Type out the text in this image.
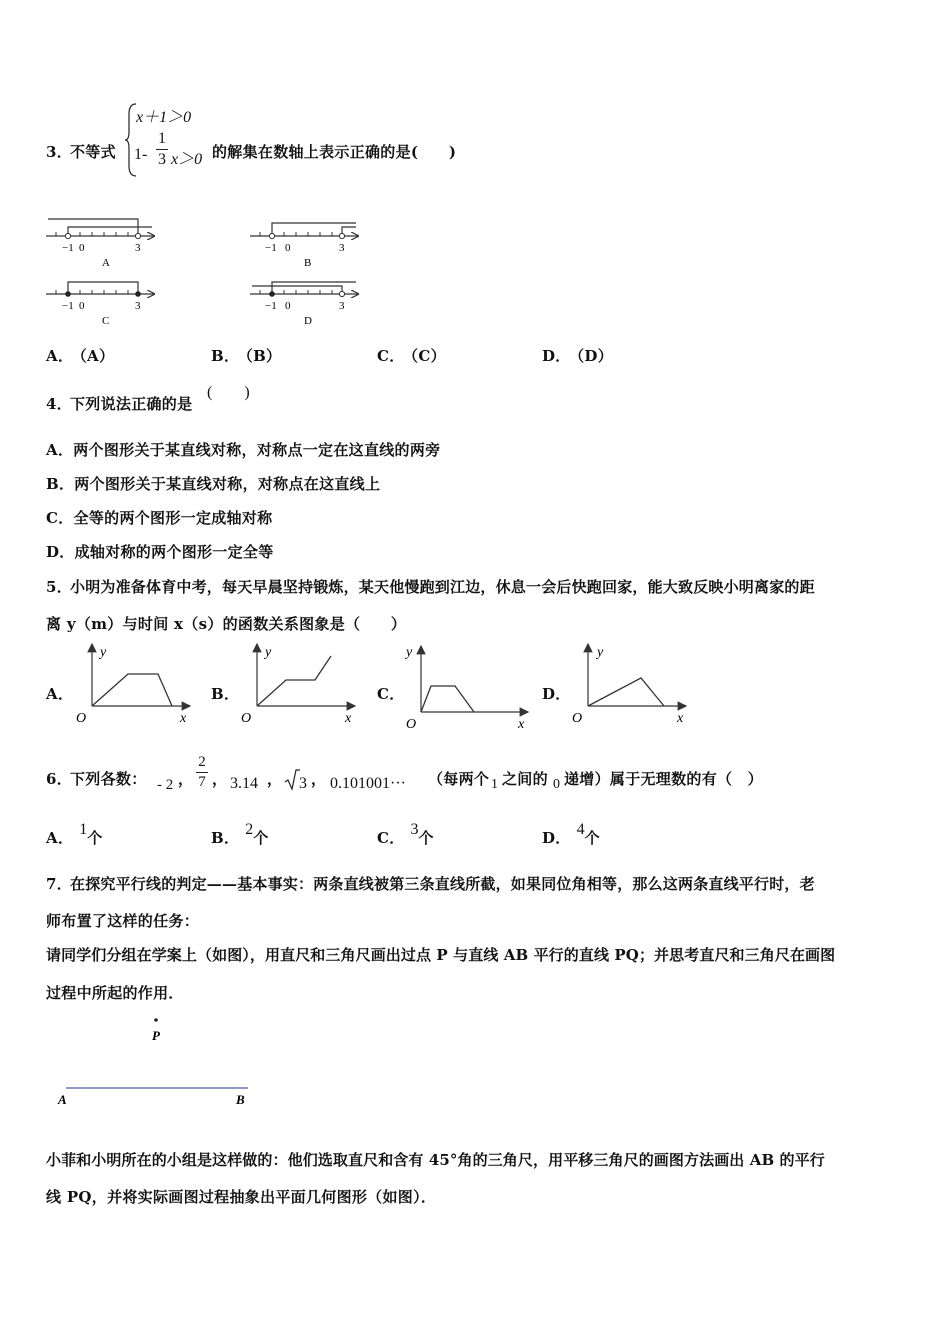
3．
不等式
x＋1＞0
1-
1
3 x＞0 的解集在数轴上表示正确的是(　　)
−1 0	3
A
−1 0	3
B
−1 0	3
C
−1 0	3
D
A． （A）	B． （B）	C． （C）	D． （D）
4．
下列说法正确的是
(　　)
A．两个图形关于某直线对称，对称点一定在这直线的两旁
B．两个图形关于某直线对称，对称点在这直线上
C．全等的两个图形一定成轴对称
D．成轴对称的两个图形一定全等
5．
小明为准备体育中考，每天早晨坚持锻炼，某天他慢跑到江边，休息一会后快跑回家，能大致反映小明离家的距
离 y（m）与时间 x（s）的函数关系图象是（　　）
A．	B．	C．	D．
y
x
O
y
x
O
y
x
O
y
x
O
6．
下列各数： - 2 ，
2
7 ， 3.14 ， 3 ， 0.101001··· （每两个 1 之间的 0 递增）属于无理数的有（　）
A． 1个	B． 2个	C． 3个	D． 4个
7．
在探究平行线的判定——基本事实：两条直线被第三条直线所截，如果同位角相等，那么这两条直线平行时，老
师布置了这样的任务：
请同学们分组在学案上（如图），用直尺和三角尺画出过点 P 与直线 AB 平行的直线 PQ；并思考直尺和三角尺在画图
过程中所起的作用．
P
A	B
小菲和小明所在的小组是这样做的：他们选取直尺和含有 45°角的三角尺，用平移三角尺的画图方法画出 AB 的平行
线 PQ，并将实际画图过程抽象出平面几何图形（如图）．
